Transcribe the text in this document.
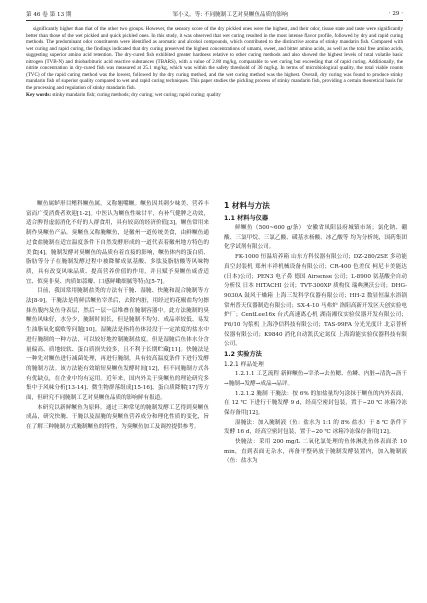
第 46 卷 第 13 期	邹小义，等: 不同腌制工艺对臭鳜鱼品质的影响	· 29 ·

significantly higher than that of the other two groups. However, the sensory score of the dry pickled ones were the highest, and their odor, tissue state and taste were significantly better than those of the wet pickled and quick pickled ones. In this study, it was observed that wet curing resulted in the most intense flavor profile, followed by dry and rapid curing methods. The predominant odor constituents were identified as aromatic and alcohol compounds, which contributed to the distinctive aroma of stinky mandarin fish. Compared with wet curing and rapid curing, the findings indicated that dry curing preserved the highest concentrations of umami, sweet, and bitter amino acids, as well as the total free amino acids, suggesting superior amino acid retention. The dry-cured fish exhibited greater hardness relative to other curing methods and also showed the highest levels of total volatile basic nitrogen (TVB-N) and thiobarbituric acid reactive substances (TBARS), with a value of 2.80 mg/kg, comparable to wet curing but exceeding that of rapid curing. Additionally, the nitrite concentration in dry-cured fish was measured at 25.1 mg/kg, which was within the safety threshold of 30 mg/kg. In terms of microbiological quality, the total viable counts (TVC) of the rapid curing method was the lowest, followed by the dry curing method, and the wet curing method was the highest. Overall, dry curing was found to produce stinky mandarin fish of superior quality compared to wet and rapid curing techniques. This paper studies the pickling process of stinky mandarin fish, providing a certain theoretical basis for the processing and regulation of stinky mandarin fish.

Key words: stinky mandarin fish; curing methods; dry curing; wet curing; rapid curing; quality

鳜鱼属鲈形目鳍科鳜鱼属，又称翘嘴鳜。鳜鱼因其刺少味美、营养丰富而广受消费者欢迎[1-2]。中医认为鳜鱼性味甘平，有补气健脾之功效，适合脾胃虚弱消化不好的人群食用，具有较高的经济价值[3]。鳜鱼常用来制作臭鳜鱼产品。臭鳜鱼又称腌鳜鱼，是徽州一道传统美食，由鲜鳜鱼通过食盐腌制在适宜温度条件下自然发酵形成的一道代表着徽州地方特色的美食[4]。腌制发酵对臭鳜鱼的品质有着直接的影响，鳜鱼体内的蛋白质、脂肪等分子在腌制发酵过程中被降解成氨基酸、多肽及脂肪酸等风味物质，具有改变风味品质、提高营养价值的作用，并且赋予臭鳜鱼咸香适宜、似臭非臭、肉质如蒜瓣、口感鲜嫩细腻等特点[5-7]。

目前，我国常用腌制盐类的方法有干腌、湿腌、快腌和混合腌制等方法[8-9]。干腌法是将鲜活鳜鱼宰杀后，去除内脏，用经过的花椒盐均匀擦抹鱼腹内及鱼身表层，然后一层一层堆叠在腌制容器中。此方法腌制的臭鳜鱼风味好，水分少，腌制时间长，但是腌制不均匀、成品率较低、易发生油脂氧化腐败等问题[10]。湿腌法是指将鱼体浸没于一定浓度的盐水中进行腌制的一种方法，可以较好地控制腌制盐度，但是湿腌后鱼体水分含量偏高、质地较软、蛋白质损失较多，且不利于长期贮藏[11]。快腌法是一种先对鳜鱼进行减菌处理，再进行腌制，具有较高温度条件下进行发酵的腌制方法。该方法能有效缩短臭鳜鱼发酵时间[12]，但不同腌制方式各有优缺点，在企业中均有运用。近年来，国内外关于臭鳜鱼的理论研究多集中于风味分析[13-14]、微生物群落组成[15-16]、蛋白质降解[17]等方面，但研究不同腌制工艺对臭鳜鱼品质的影响鲜有报道。

本研究以新鲜鳜鱼为原料，通过三种常见的腌制发酵工艺得到臭鳜鱼成品，研究快腌、干腌以及湿腌的臭鳜鱼营养成分和理化性质的变化，旨在了解三种腌制方式腌制鳜鱼的特性，为臭鳜鱼加工及调控提供参考。

1 材料与方法
1.1 材料与仪器

鲜鳜鱼（500~600 g/条） 安徽省凤阳县府城镇市场；氯化钠、硼酸、三氯甲烷、三氯乙酸、磺基水杨酸、冰乙酸等 均为分析纯，国药集团化学试剂有限公司。

FK-1000 恒温培养箱 山东方科仪器有限公司；DZ-280/2SE 多功能真空封装机 郑州丰祥机械设备有限公司；CR-400 色差仪 柯尼卡美能达(日本)公司；PEN3 电子鼻 德国 Airsense 公司；L-8900 氨基酸全自动分析仪 日本 HITACHI 公司；TVT-300XP 质构仪 瑞典澳沃公司；DHG-9030A 鼓风干燥箱 上海三发科学仪器有限公司；HH-2 数显恒温水浴锅 常州普天仪器制造有限公司；SX-4-10 马弗炉 洛阳高新开发区天创实验电炉厂；CentLee16x 台式高速离心机 湖南湘仪实验仪器开发有限公司；F6/10 匀浆机 上海净信科技有限公司；TAS-99FA 分光光度计 北京普析仪器有限公司；K9840 消化自动凯氏定氮仪 上海海能实验仪器科技有限公司。

1.2 实验方法
1.2.1 样品处理

1.2.1.1 工艺流程 新鲜鳜鱼→宰杀→去鱼鳃、鱼鳞、内脏→清洗→沥干→腌制→发酵→成品→品评。

1.2.1.2 腌制 干腌法：按 6% 的加盐量均匀涂抹于鳜鱼的内外表面，在 12 ℃ 下进行干腌发酵 9 d，经高空密封包装，置于−20 ℃ 冰箱冷冻保存备用[12]。

湿腌法：加入腌制液（鱼：盐水为 1:1 的 8% 盐水）于 8 ℃ 条件下发酵 16 d，经高空密封包装，置于−20 ℃ 冰箱冷冻保存备用[12]。

快腌法：采用 200 mg/L 二氧化氯处理的鱼体淋洗鱼体表面杀 10 min，直到表面无杂水，再备平整码放于腌制发酵装置内，加入腌制液（鱼：盐水为
